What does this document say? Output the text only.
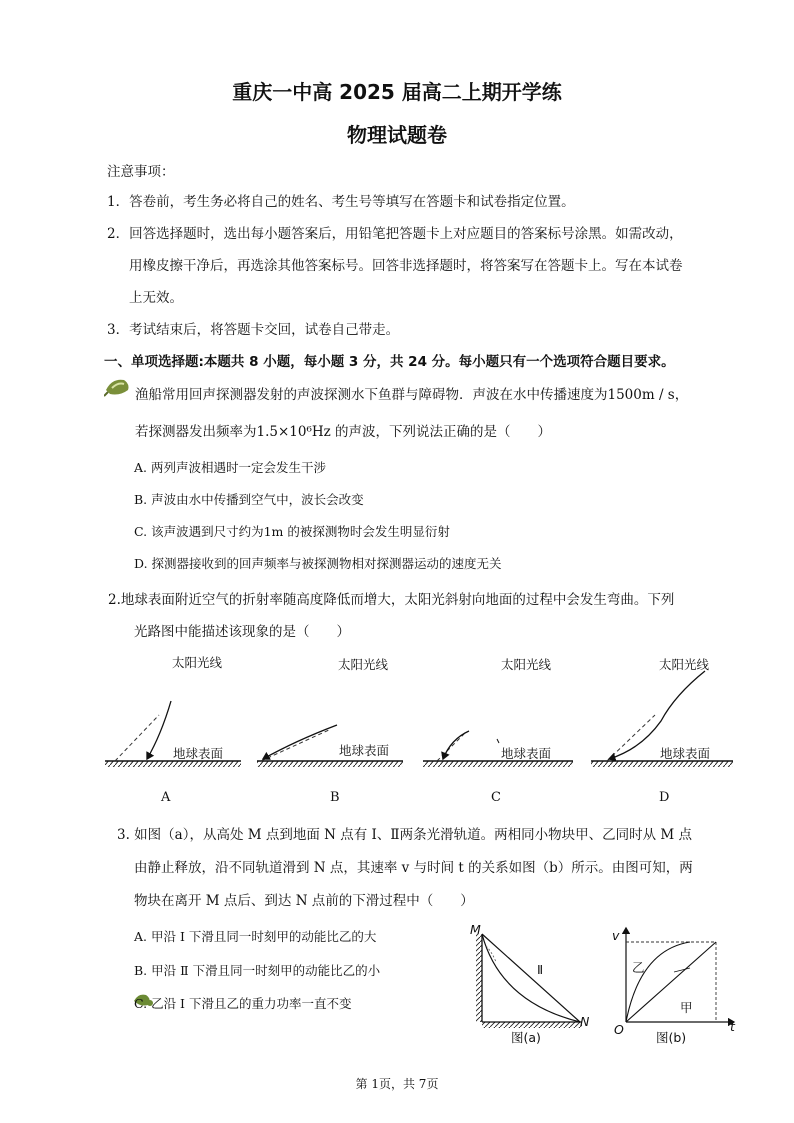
重庆一中高 2025 届高二上期开学练
物理试题卷
注意事项：
1．答卷前，考生务必将自己的姓名、考生号等填写在答题卡和试卷指定位置。
2．回答选择题时，选出每小题答案后，用铅笔把答题卡上对应题目的答案标号涂黑。如需改动，
用橡皮擦干净后，再选涂其他答案标号。回答非选择题时，将答案写在答题卡上。写在本试卷
上无效。
3．考试结束后，将答题卡交回，试卷自己带走。
一、单项选择题:本题共 8 小题，每小题 3 分，共 24 分。每小题只有一个选项符合题目要求。
渔船常用回声探测器发射的声波探测水下鱼群与障碍物．声波在水中传播速度为1500m / s，
若探测器发出频率为1.5×10⁶Hz 的声波，下列说法正确的是（　　）
A. 两列声波相遇时一定会发生干涉
B. 声波由水中传播到空气中，波长会改变
C. 该声波遇到尺寸约为1m 的被探测物时会发生明显衍射
D. 探测器接收到的回声频率与被探测物相对探测器运动的速度无关
2.地球表面附近空气的折射率随高度降低而增大，太阳光斜射向地面的过程中会发生弯曲。下列
光路图中能描述该现象的是（　　）
太阳光线
地球表面
A
太阳光线
地球表面
B
太阳光线
地球表面
C
太阳光线
地球表面
D
3. 如图（a），从高处 M 点到地面 N 点有 Ⅰ、Ⅱ两条光滑轨道。两相同小物块甲、乙同时从 M 点
由静止释放，沿不同轨道滑到 N 点，其速率 v 与时间 t 的关系如图（b）所示。由图可知，两
物块在离开 M 点后、到达 N 点前的下滑过程中（　　）
A. 甲沿 Ⅰ 下滑且同一时刻甲的动能比乙的大
B. 甲沿 Ⅱ 下滑且同一时刻甲的动能比乙的小
C. 乙沿 Ⅰ 下滑且乙的重力功率一直不变
M
N
Ⅱ
图(a)
v
O	t
乙
甲
图(b)
第 1页，共 7页
